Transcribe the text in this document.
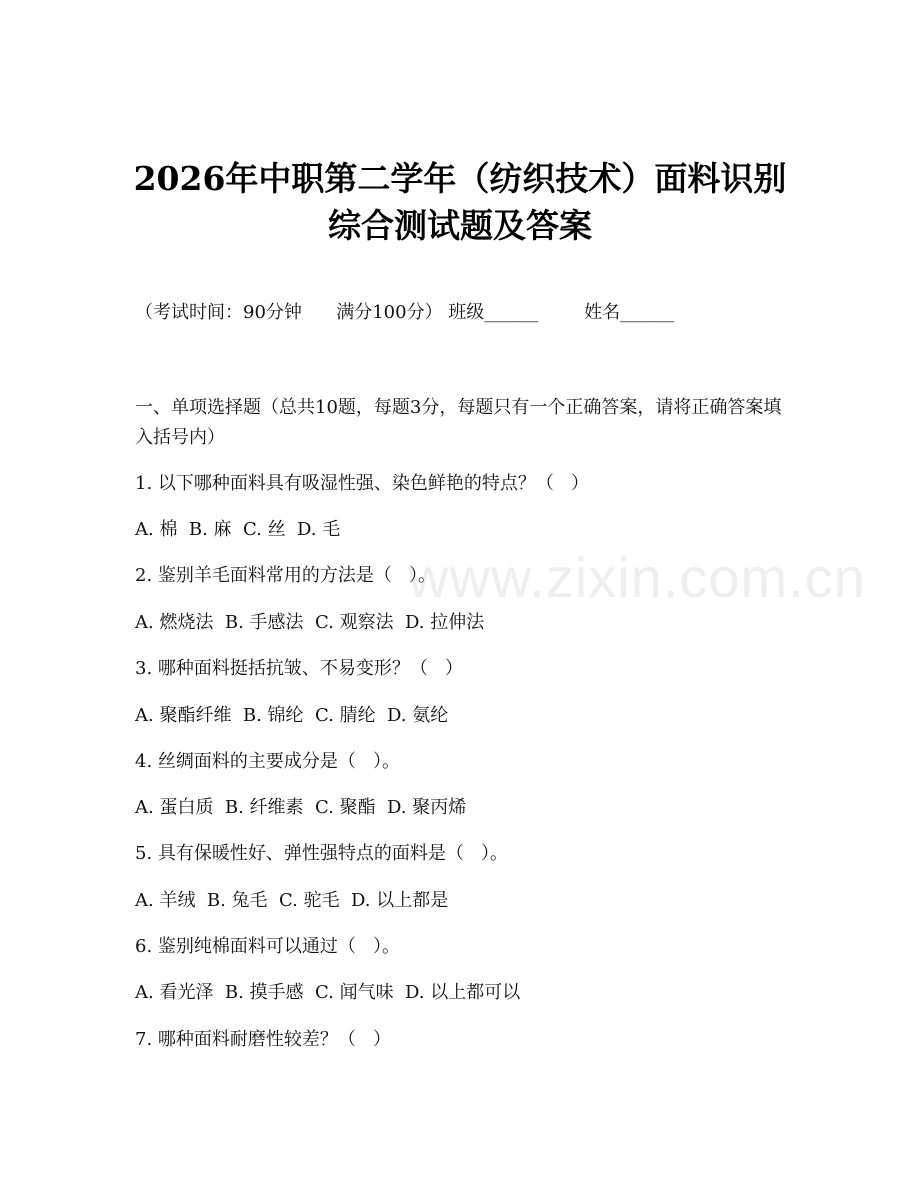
2026年中职第二学年（纺织技术）面料识别
综合测试题及答案
（考试时间：90分钟      满分100分） 班级______        姓名______
一、单项选择题（总共10题，每题3分，每题只有一个正确答案，请将正确答案填入括号内）
1. 以下哪种面料具有吸湿性强、染色鲜艳的特点？（   ）
A. 棉  B. 麻  C. 丝  D. 毛
2. 鉴别羊毛面料常用的方法是（   ）。
A. 燃烧法  B. 手感法  C. 观察法  D. 拉伸法
3. 哪种面料挺括抗皱、不易变形？（   ）
A. 聚酯纤维  B. 锦纶  C. 腈纶  D. 氨纶
4. 丝绸面料的主要成分是（   ）。
A. 蛋白质  B. 纤维素  C. 聚酯  D. 聚丙烯
5. 具有保暖性好、弹性强特点的面料是（   ）。
A. 羊绒  B. 兔毛  C. 驼毛  D. 以上都是
6. 鉴别纯棉面料可以通过（   ）。
A. 看光泽  B. 摸手感  C. 闻气味  D. 以上都可以
7. 哪种面料耐磨性较差？（   ）
www.zixin.com.cn
